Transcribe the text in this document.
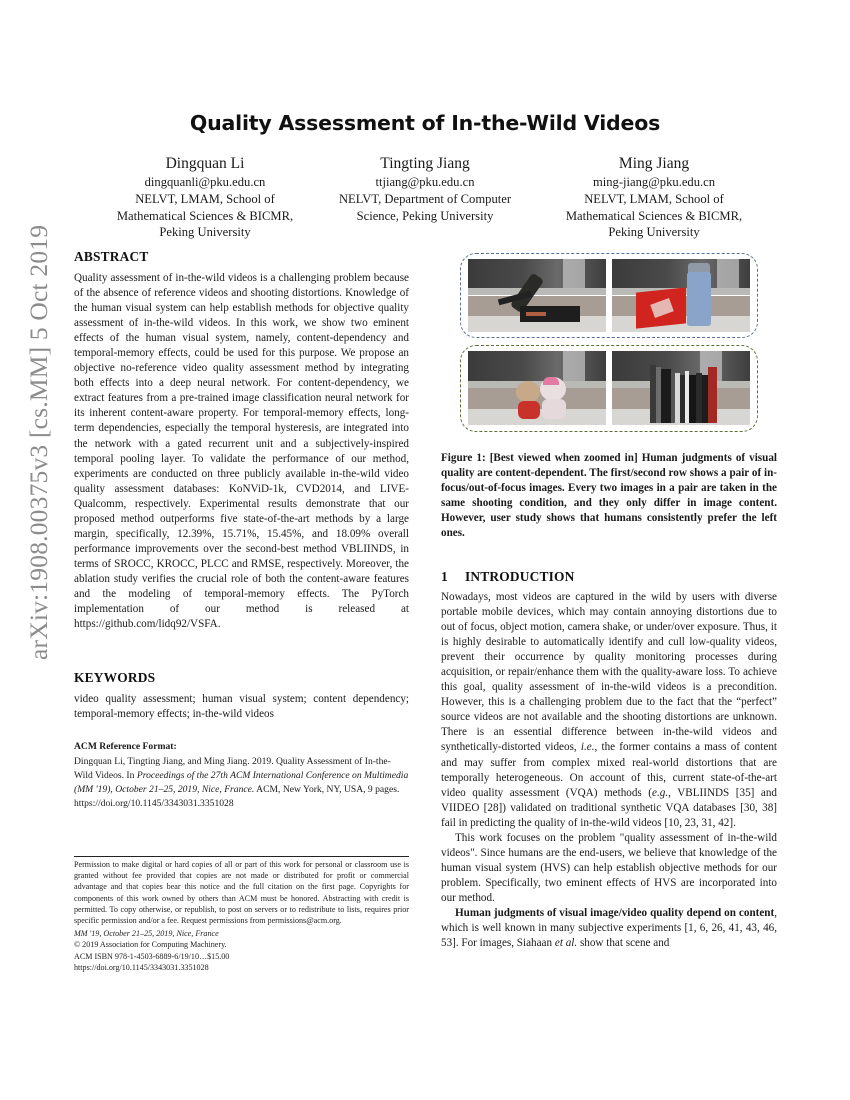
arXiv:1908.00375v3 [cs.MM] 5 Oct 2019
Quality Assessment of In-the-Wild Videos
Dingquan Li
dingquanli@pku.edu.cn
NELVT, LMAM, School of
Mathematical Sciences & BICMR,
Peking University
Tingting Jiang
ttjiang@pku.edu.cn
NELVT, Department of Computer
Science, Peking University
Ming Jiang
ming-jiang@pku.edu.cn
NELVT, LMAM, School of
Mathematical Sciences & BICMR,
Peking University
ABSTRACT

Quality assessment of in-the-wild videos is a challenging problem because of the absence of reference videos and shooting distortions. Knowledge of the human visual system can help establish methods for objective quality assessment of in-the-wild videos. In this work, we show two eminent effects of the human visual system, namely, content-dependency and temporal-memory effects, could be used for this purpose. We propose an objective no-reference video quality assessment method by integrating both effects into a deep neural network. For content-dependency, we extract features from a pre-trained image classification neural network for its inherent content-aware property. For temporal-memory effects, long-term dependencies, especially the temporal hysteresis, are integrated into the network with a gated recurrent unit and a subjectively-inspired temporal pooling layer. To validate the performance of our method, experiments are conducted on three publicly available in-the-wild video quality assessment databases: KoNViD-1k, CVD2014, and LIVE-Qualcomm, respectively. Experimental results demonstrate that our proposed method outperforms five state-of-the-art methods by a large margin, specifically, 12.39%, 15.71%, 15.45%, and 18.09% overall performance improvements over the second-best method VBLIINDS, in terms of SROCC, KROCC, PLCC and RMSE, respectively. Moreover, the ablation study verifies the crucial role of both the content-aware features and the modeling of temporal-memory effects. The PyTorch implementation of our method is released at https://github.com/lidq92/VSFA.

KEYWORDS

video quality assessment; human visual system; content dependency; temporal-memory effects; in-the-wild videos

ACM Reference Format:
Dingquan Li, Tingting Jiang, and Ming Jiang. 2019. Quality Assessment of In-the-Wild Videos. In Proceedings of the 27th ACM International Conference on Multimedia (MM '19), October 21–25, 2019, Nice, France. ACM, New York, NY, USA, 9 pages. https://doi.org/10.1145/3343031.3351028
Permission to make digital or hard copies of all or part of this work for personal or classroom use is granted without fee provided that copies are not made or distributed for profit or commercial advantage and that copies bear this notice and the full citation on the first page. Copyrights for components of this work owned by others than ACM must be honored. Abstracting with credit is permitted. To copy otherwise, or republish, to post on servers or to redistribute to lists, requires prior specific permission and/or a fee. Request permissions from permissions@acm.org.
MM '19, October 21–25, 2019, Nice, France
© 2019 Association for Computing Machinery.
ACM ISBN 978-1-4503-6889-6/19/10…$15.00
https://doi.org/10.1145/3343031.3351028
Figure 1: [Best viewed when zoomed in] Human judgments of visual quality are content-dependent. The first/second row shows a pair of in-focus/out-of-focus images. Every two images in a pair are taken in the same shooting condition, and they only differ in image content. However, user study shows that humans consistently prefer the left ones.
1 INTRODUCTION

Nowadays, most videos are captured in the wild by users with diverse portable mobile devices, which may contain annoying distortions due to out of focus, object motion, camera shake, or under/over exposure. Thus, it is highly desirable to automatically identify and cull low-quality videos, prevent their occurrence by quality monitoring processes during acquisition, or repair/enhance them with the quality-aware loss. To achieve this goal, quality assessment of in-the-wild videos is a precondition. However, this is a challenging problem due to the fact that the “perfect” source videos are not available and the shooting distortions are unknown. There is an essential difference between in-the-wild videos and synthetically-distorted videos, i.e., the former contains a mass of content and may suffer from complex mixed real-world distortions that are temporally heterogeneous. On account of this, current state-of-the-art video quality assessment (VQA) methods (e.g., VBLIINDS [35] and VIIDEO [28]) validated on traditional synthetic VQA databases [30, 38] fail in predicting the quality of in-the-wild videos [10, 23, 31, 42].

This work focuses on the problem "quality assessment of in-the-wild videos". Since humans are the end-users, we believe that knowledge of the human visual system (HVS) can help establish objective methods for our problem. Specifically, two eminent effects of HVS are incorporated into our method.

Human judgments of visual image/video quality depend on content, which is well known in many subjective experiments [1, 6, 26, 41, 43, 46, 53]. For images, Siahaan et al. show that scene and
